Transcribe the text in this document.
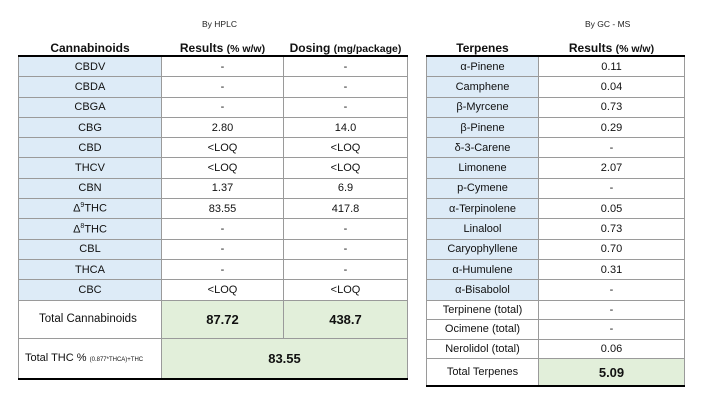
By HPLC	By GC - MS
Cannabinoids	Results (% w/w)	Dosing (mg/package)
CBDV	-	-
CBDA	-	-
CBGA	-	-
CBG	2.80	14.0
CBD	<LOQ	<LOQ
THCV	<LOQ	<LOQ
CBN	1.37	6.9
$\Delta^9THC$	83.55	417.8
$\Delta^8THC$	-	-
CBL	-	-
THCA	-	-
CBC	<LOQ	<LOQ
Total Cannabinoids	87.72	438.7
Total THC % (0.877*THCA)+THC	83.55	
Terpenes	Results (% w/w)
α-Pinene	0.11
Camphene	0.04
β-Myrcene	0.73
β-Pinene	0.29
δ-3-Carene	-
Limonene	2.07
p-Cymene	-
α-Terpinolene	0.05
Linalool	0.73
Caryophyllene	0.70
α-Humulene	0.31
α-Bisabolol	-
Terpinene (total)	-
Ocimene (total)	-
Nerolidol (total)	0.06
Total Terpenes	5.09
